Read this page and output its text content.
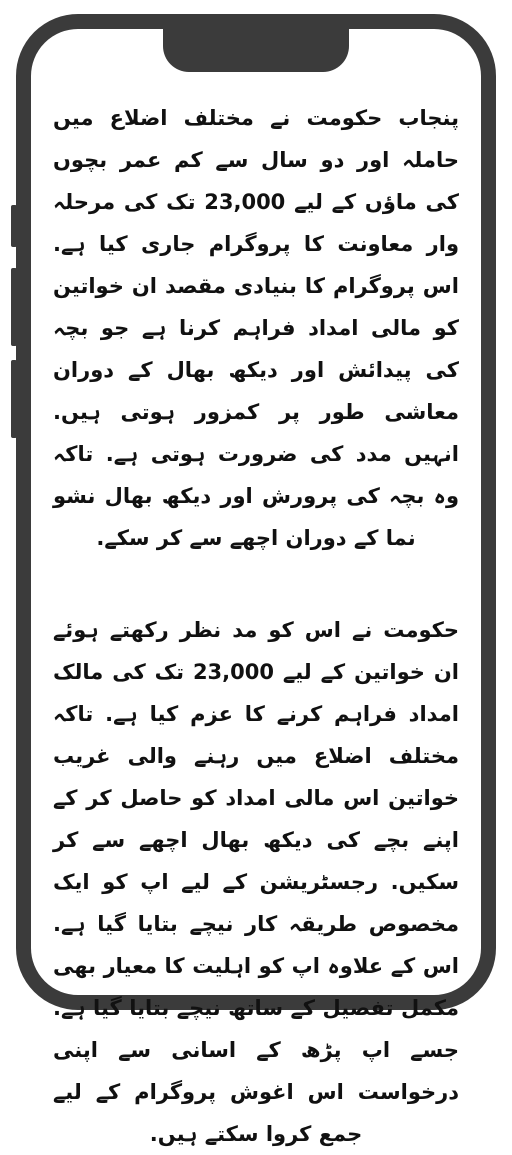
پنجاب حکومت نے مختلف اضلاع میں حاملہ اور دو سال سے کم عمر بچوں کی ماؤں کے لیے 23,000 تک کی مرحلہ وار معاونت کا پروگرام جاری کیا ہے. اس پروگرام کا بنیادی مقصد ان خواتین کو مالی امداد فراہم کرنا ہے جو بچہ کی پیدائش اور دیکھ بھال کے دوران معاشی طور پر کمزور ہوتی ہیں. انہیں مدد کی ضرورت ہوتی ہے. تاکہ وہ بچہ کی پرورش اور دیکھ بھال نشو نما کے دوران اچھے سے کر سکے.

حکومت نے اس کو مد نظر رکھتے ہوئے ان خواتین کے لیے 23,000 تک کی مالک امداد فراہم کرنے کا عزم کیا ہے. تاکہ مختلف اضلاع میں رہنے والی غریب خواتین اس مالی امداد کو حاصل کر کے اپنے بچے کی دیکھ بھال اچھے سے کر سکیں. رجسٹریشن کے لیے اپ کو ایک مخصوص طریقہ کار نیچے بتایا گیا ہے. اس کے علاوہ اپ کو اہلیت کا معیار بھی مکمل تفصیل کے ساتھ نیچے بتایا گیا ہے. جسے اپ پڑھ کے اسانی سے اپنی درخواست اس اغوش پروگرام کے لیے جمع کروا سکتے ہیں.
